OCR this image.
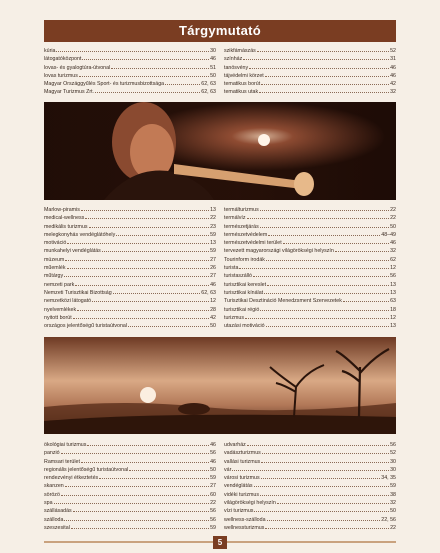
Tárgymutató
kúria	30
látogatóközpont	46
lovas- és gyalogtúra-útvonal	51
lovas turizmus	50
Magyar Országgyűlés Sport- és turizmusbizottsága	62, 63
Magyar Turizmus Zrt.	62, 63
szikfámászás	52
színház	31
tanösvény	46
tájvédelmi körzet	46
tematikus borút	42
tematikus utak	32
Marlow-piramis	13
medical-wellness	22
medikális turizmus	23
melegkonyhás vendéglátóhely	59
motiváció	13
munkahelyi vendéglátás	59
múzeum	27
műemlék	26
műtárgy	27
nemzeti park	46
Nemzeti Turisztikai Bizottság	62, 63
nemzetközi látogató	12
nyelvemlékek	28
nyitott borút	42
országos jelentőségű turistaútvonal	50
termálturizmus	22
termálvíz	22
természetjárás	50
természetvédelem	48–49
természetvédelmi terület	46
tervezett magyarországi világörökségi helyszín	32
Tourinform irodák	62
turista	12
turistaszálló	56
turisztikai kereslet	13
turisztikai kínálat	13
Turisztikai Desztináció Menedzsment Szervezetek	63
turisztikai régió	18
turizmus	12
utazási motiváció	13
ökológiai turizmus	46
panzió	56
Ramsari terület	46
regionális jelentőségű turistaútvonal	50
rendezvényi étkeztetés	59
skanzen	27
sörözö	60
spa	22
szállásadás	56
szálloda	56
szeszesital	59
udvarház	56
vadászturizmus	52
vallási turizmus	30
vár	30
városi turizmus	34, 35
vendéglátás	59
vidéki turizmus	38
világörökségi helyszín	32
vízi turizmus	50
wellness-szálloda	22, 56
wellnessturizmus	22
5
